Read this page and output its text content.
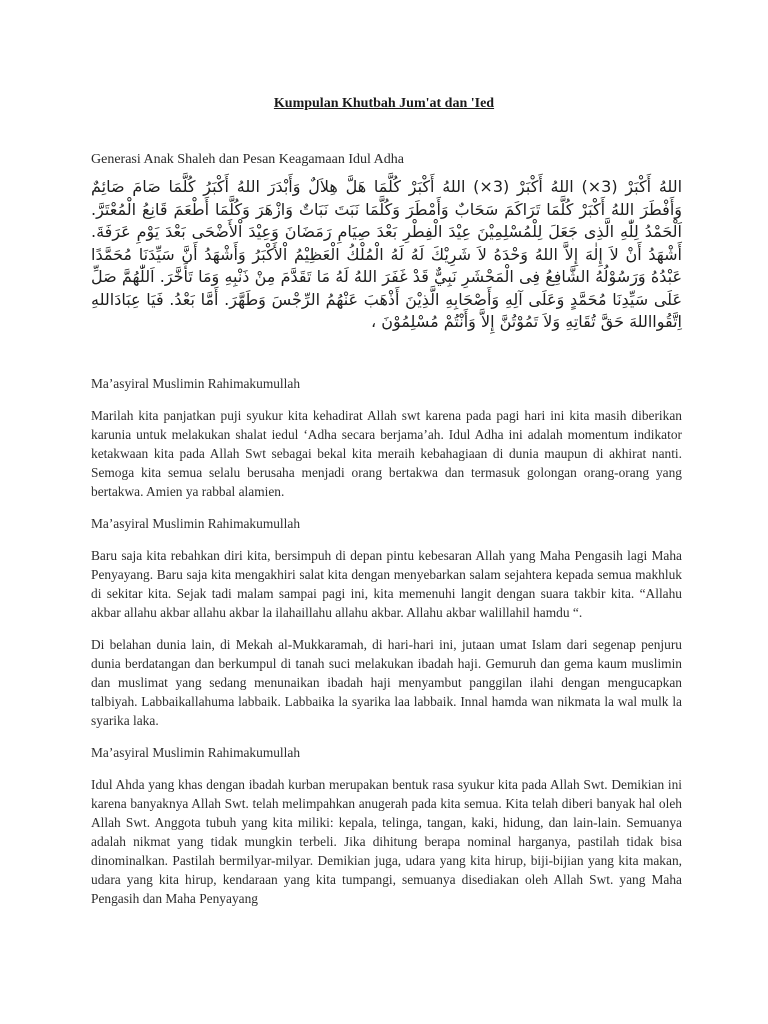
Kumpulan Khutbah Jum'at dan 'Ied

Generasi Anak Shaleh dan Pesan Keagamaan Idul Adha

اللهُ أَكْبَرْ (3×) اللهُ أَكْبَرْ (3×) اللهُ أَكْبَرْ كُلَّمَا هَلَّ هِلاَلٌ وَأَبْدَرَ اللهُ أَكْبَرُ كُلَّمَا صَامَ صَائِمٌ وَأَفْطَرَ اللهُ أَكْبَرْ كُلَّمَا تَرَاكَمَ سَحَابٌ وَأَمْطَرَ وَكُلَّمَا نَبَتَ نَبَاتٌ وَازْهَرَ وَكُلَّمَا أَطْعَمَ قَانِعُ الْمُعْتَرَّ. اَلْحَمْدُ لِلّٰهِ الَّذِى جَعَلَ لِلْمُسْلِمِيْنَ عِيْدَ الْفِطْرِ بَعْدَ صِيَامِ رَمَضَانَ وَعِيْدَ اْلأَضْحَى بَعْدَ يَوْمِ عَرَفَةَ. أَشْهَدُ أَنْ لاَ إِلٰهَ إِلاَّ اللهُ وَحْدَهُ لاَ شَرِيْكَ لَهُ لَهُ الْمُلْكُ الْعَظِيْمُ اْلأَكْبَرُ وَأَشْهَدُ أَنَّ سَيِّدَنَا مُحَمَّدًا عَبْدُهُ وَرَسُوْلُهُ الشَّافِعُ فِى الْمَحْشَرِ نَبِيٌّ قَدْ غَفَرَ اللهُ لَهُ مَا تَقَدَّمَ مِنْ ذَنْبِهِ وَمَا تَأَخَّرَ. اَللّٰهُمَّ صَلِّ عَلَى سَيِّدِنَا مُحَمَّدٍ وَعَلَى آلِهِ وَأَصْحَابِهِ الَّذِيْنَ أَذْهَبَ عَنْهُمُ الرِّجْسَ وَطَهَّرَ. أَمَّا بَعْدُ. فَيَا عِبَادَاللهِ اِتَّقُوااللهَ حَقَّ تُقَاتِهِ وَلاَ تَمُوْتُنَّ إِلاَّ وَأَنْتُمْ مُسْلِمُوْنَ ،

Ma’asyiral Muslimin Rahimakumullah

Marilah kita panjatkan puji syukur kita kehadirat Allah swt karena pada pagi hari ini kita masih diberikan karunia untuk melakukan shalat iedul ‘Adha secara berjama’ah. Idul Adha ini adalah momentum indikator ketakwaan kita pada Allah Swt sebagai bekal kita meraih kebahagiaan di dunia maupun di akhirat nanti. Semoga kita semua selalu berusaha menjadi orang bertakwa dan termasuk golongan orang-orang yang bertakwa. Amien ya rabbal alamien.

Ma’asyiral Muslimin Rahimakumullah

Baru saja kita rebahkan diri kita, bersimpuh di depan pintu kebesaran Allah yang Maha Pengasih lagi Maha Penyayang. Baru saja kita mengakhiri salat kita dengan menyebarkan salam sejahtera kepada semua makhluk di sekitar kita. Sejak tadi malam sampai pagi ini, kita memenuhi langit dengan suara takbir kita. “Allahu akbar allahu akbar allahu akbar la ilahaillahu allahu akbar. Allahu akbar walillahil hamdu “.

Di belahan dunia lain, di Mekah al-Mukkaramah, di hari-hari ini, jutaan umat Islam dari segenap penjuru dunia berdatangan dan berkumpul di tanah suci melakukan ibadah haji. Gemuruh dan gema kaum muslimin dan muslimat yang sedang menunaikan ibadah haji menyambut panggilan ilahi dengan mengucapkan talbiyah. Labbaikallahuma labbaik. Labbaika la syarika laa labbaik. Innal hamda wan nikmata la wal mulk la syarika laka.

Ma’asyiral Muslimin Rahimakumullah

Idul Ahda yang khas dengan ibadah kurban merupakan bentuk rasa syukur kita pada Allah Swt. Demikian ini karena banyaknya Allah Swt. telah melimpahkan anugerah pada kita semua. Kita telah diberi banyak hal oleh Allah Swt. Anggota tubuh yang kita miliki: kepala, telinga, tangan, kaki, hidung, dan lain-lain. Semuanya adalah nikmat yang tidak mungkin terbeli. Jika dihitung berapa nominal harganya, pastilah tidak bisa dinominalkan. Pastilah bermilyar-milyar. Demikian juga, udara yang kita hirup, biji-bijian yang kita makan, udara yang kita hirup, kendaraan yang kita tumpangi, semuanya disediakan oleh Allah Swt. yang Maha Pengasih dan Maha Penyayang
